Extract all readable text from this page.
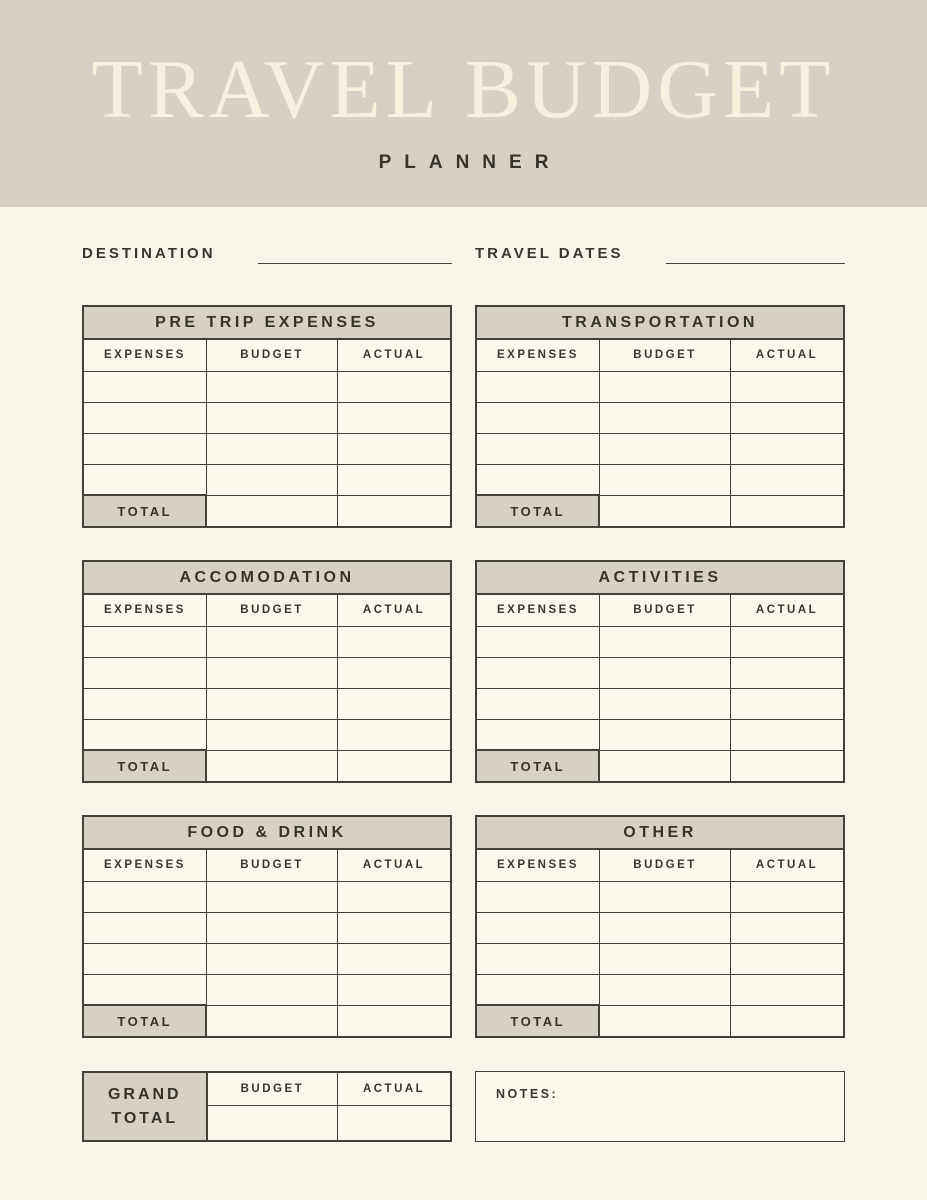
TRAVEL BUDGET
PLANNER
DESTINATION	TRAVEL DATES
PRE TRIP EXPENSES		
EXPENSES	BUDGET	ACTUAL

TOTAL		
TRANSPORTATION		
EXPENSES	BUDGET	ACTUAL

TOTAL		
ACCOMODATION		
EXPENSES	BUDGET	ACTUAL

TOTAL		
ACTIVITIES		
EXPENSES	BUDGET	ACTUAL

TOTAL		
FOOD & DRINK		
EXPENSES	BUDGET	ACTUAL

TOTAL		
OTHER		
EXPENSES	BUDGET	ACTUAL

TOTAL		
GRAND TOTAL	BUDGET	ACTUAL
		NOTES:
